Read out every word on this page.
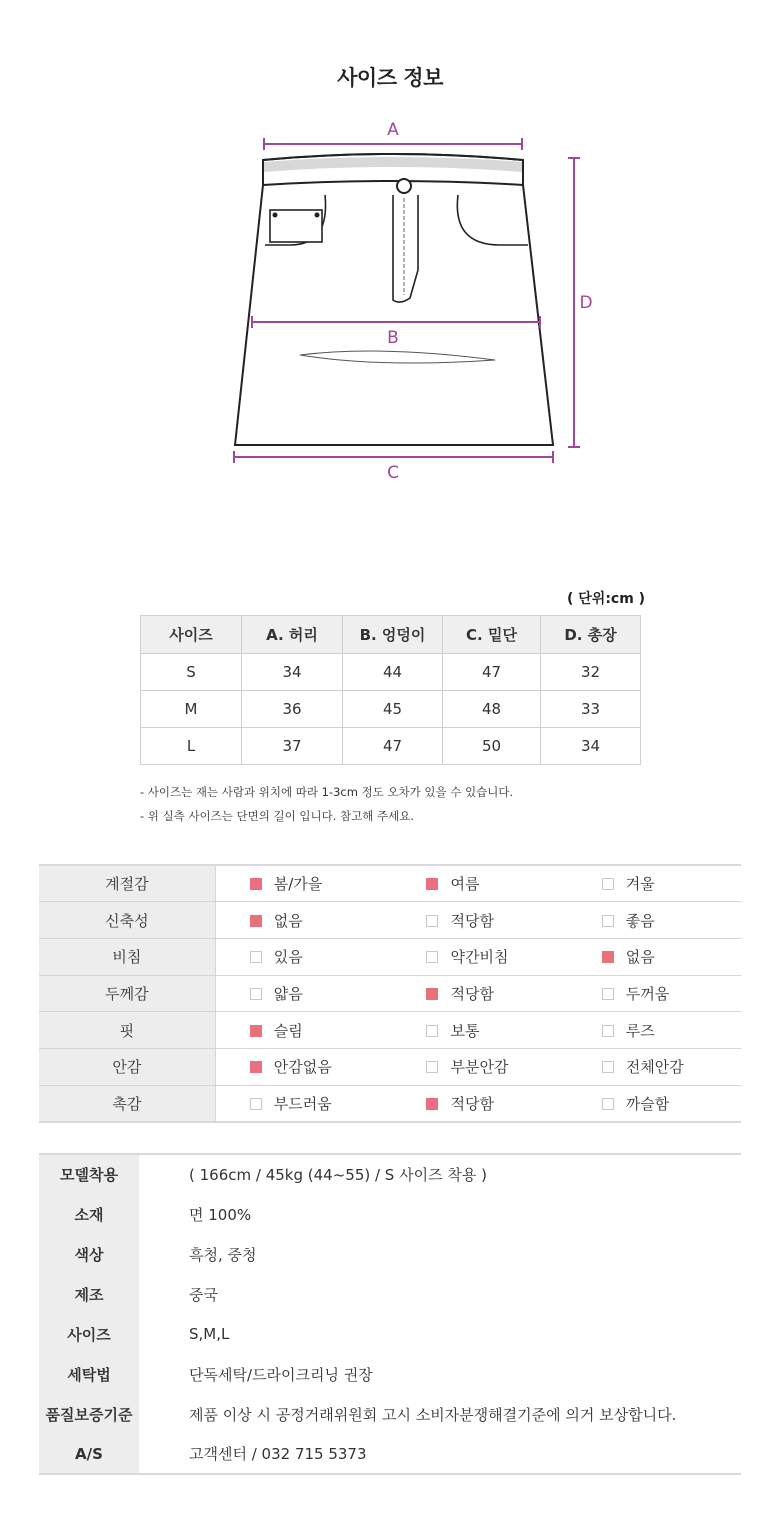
사이즈 정보
A
B
C
D
( 단위:cm )
사이즈	A. 허리	B. 엉덩이	C. 밑단	D. 총장
S	34	44	47	32
M	36	45	48	33
L	37	47	50	34
- 사이즈는 재는 사람과 위치에 따라 1-3cm 정도 오차가 있을 수 있습니다.
- 위 실측 사이즈는 단면의 길이 입니다. 참고해 주세요.
계절감	봄/가을	여름	겨울
신축성	없음	적당함	좋음
비침	있음	약간비침	없음
두께감	얇음	적당함	두꺼움
핏	슬림	보통	루즈
안감	안감없음	부분안감	전체안감
촉감	부드러움	적당함	까슬함
모델착용	( 166cm / 45kg (44~55) / S 사이즈 착용 )
소재	면 100%
색상	흑청, 중청
제조	중국
사이즈	S,M,L
세탁법	단독세탁/드라이크리닝 권장
품질보증기준	제품 이상 시 공정거래위원회 고시 소비자분쟁해결기준에 의거 보상합니다.
A/S	고객센터 / 032 715 5373
